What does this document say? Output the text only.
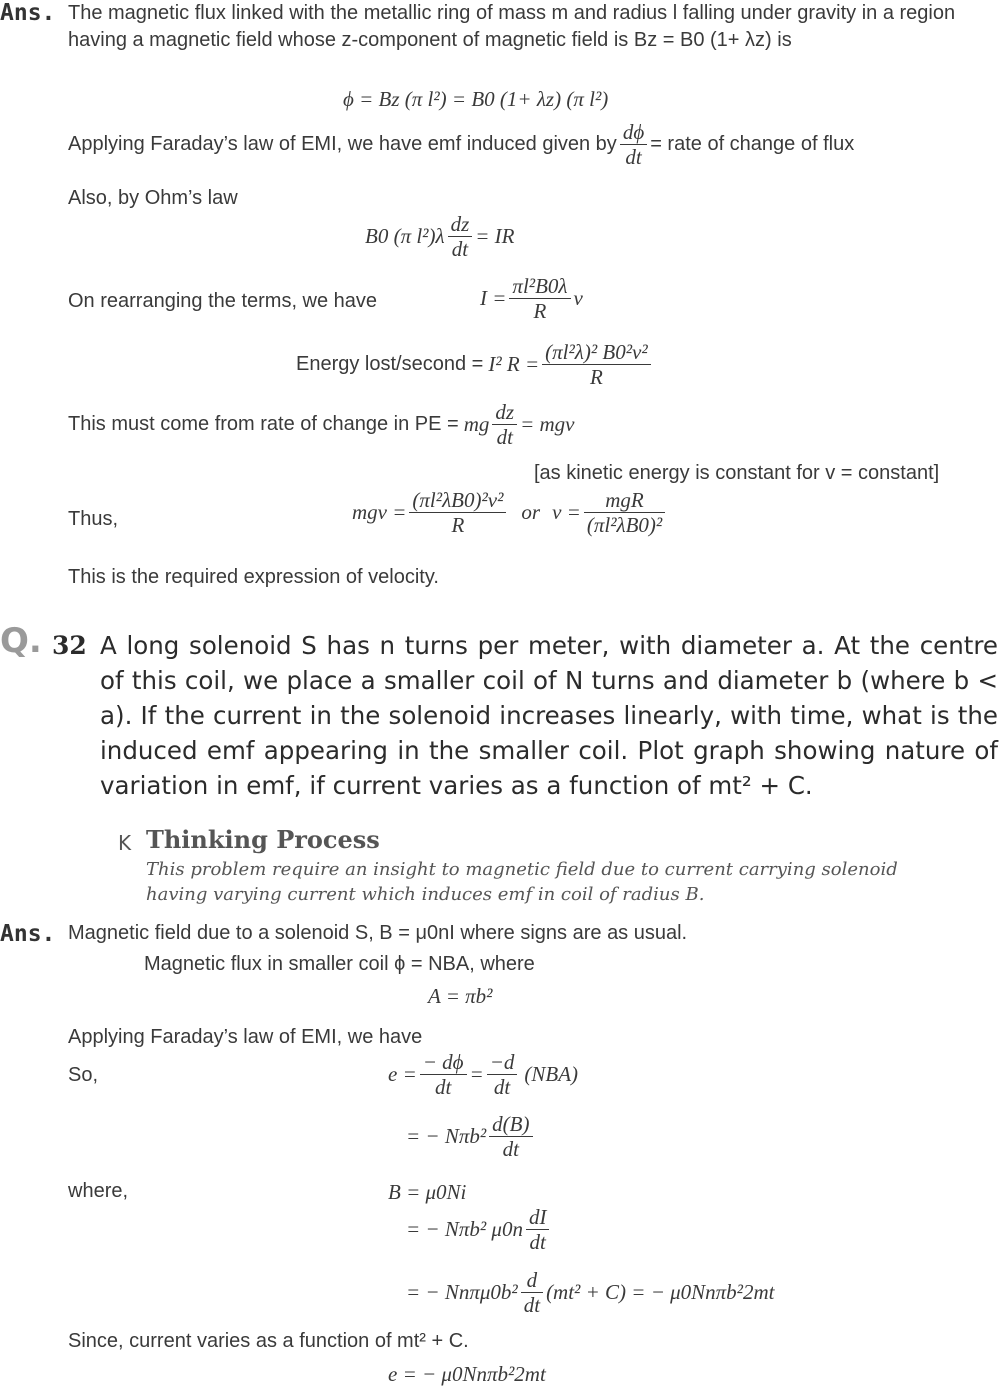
Ans. The magnetic flux linked with the metallic ring of mass m and radius l falling under gravity in a region having a magnetic field whose z-component of magnetic field is Bz = B0 (1+ λz) is
ϕ = Bz (π l²) = B0 (1+ λz) (π l²)
Applying Faraday’s law of EMI, we have emf induced given by $\frac{d\phi}{dt}$ = rate of change of flux
Also, by Ohm’s law
B0 (π $l^2)\lambda \frac{dz}{dt}$ = IR
On rearranging the terms, we have	$I = \frac{\text{πl²B0λ}}{R}$ v
Energy lost/second = I² $R = \frac{\text{(πl²λ)² B0²v²}}{R}$
This must come from rate of change in PE = mg $\frac{dz}{dt}$ = mgv
[as kinetic energy is constant for v = constant]
Thus,	mgv = $\frac{\text{(πl²λB0)²v²}}{R}$ or $v = \frac{\text{mgR}}{\text{(πl²λB0)²}}$
This is the required expression of velocity.
Q. 32 A long solenoid S has n turns per meter, with diameter a. At the centre of this coil, we place a smaller coil of N turns and diameter b (where b < a). If the current in the solenoid increases linearly, with time, what is the induced emf appearing in the smaller coil. Plot graph showing nature of variation in emf, if current varies as a function of mt² + C.
K Thinking Process
This problem require an insight to magnetic field due to current carrying solenoid having varying current which induces emf in coil of radius B.
Ans. Magnetic field due to a solenoid S, B = μ0nI where signs are as usual.
Magnetic flux in smaller coil ϕ = NBA, where
A = πb²
Applying Faraday’s law of EMI, we have
So,	$e = \frac{- d\phi}{dt} = \frac{-d}{dt} (NBA)$
= − $N\pi b^2 \frac{d(B)}{dt}$
where,	B = μ0Ni
= − Nπb² $\mu 0n \frac{dI}{dt}$
= − $Nn\pi\mu 0b^2 \frac{d}{dt} (mt^2 + C)$ = − μ0Nnπb²2mt
Since, current varies as a function of mt² + C.
e = − μ0Nnπb²2mt
